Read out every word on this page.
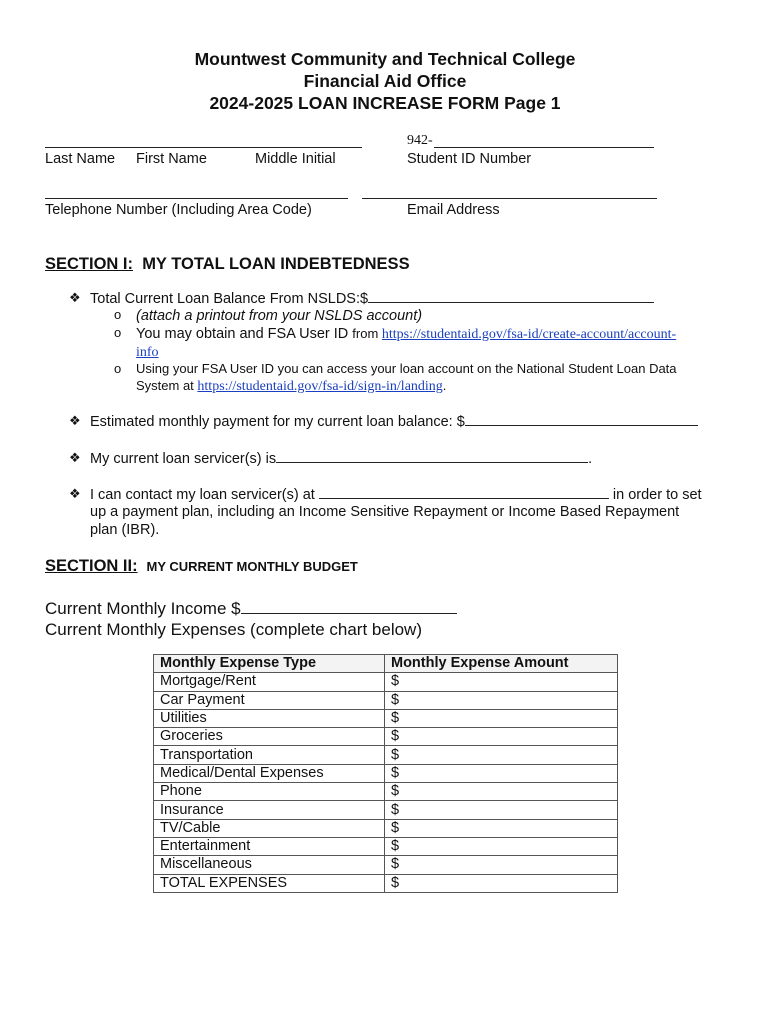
Mountwest Community and Technical College
Financial Aid Office
2024-2025 LOAN INCREASE FORM Page 1
Last Name First Name	Middle Initial
942-
Student ID Number
Telephone Number (Including Area Code)	Email Address
SECTION I: MY TOTAL LOAN INDEBTEDNESS
❖ Total Current Loan Balance From NSLDS:$
o (attach a printout from your NSLDS account)
o You may obtain and FSA User ID from https://studentaid.gov/fsa-id/create-account/account-
info
o Using your FSA User ID you can access your loan account on the National Student Loan Data
System at https://studentaid.gov/fsa-id/sign-in/landing.
❖ Estimated monthly payment for my current loan balance: $
❖ My current loan servicer(s) is	.
❖ I can contact my loan servicer(s) at	in order to set
up a payment plan, including an Income Sensitive Repayment or Income Based Repayment
plan (IBR).
SECTION II: MY CURRENT MONTHLY BUDGET
Current Monthly Income $
Current Monthly Expenses (complete chart below)
Monthly Expense Type	Monthly Expense Amount
Mortgage/Rent	$
Car Payment	$
Utilities	$
Groceries	$
Transportation	$
Medical/Dental Expenses	$
Phone	$
Insurance	$
TV/Cable	$
Entertainment	$
Miscellaneous	$
TOTAL EXPENSES	$
